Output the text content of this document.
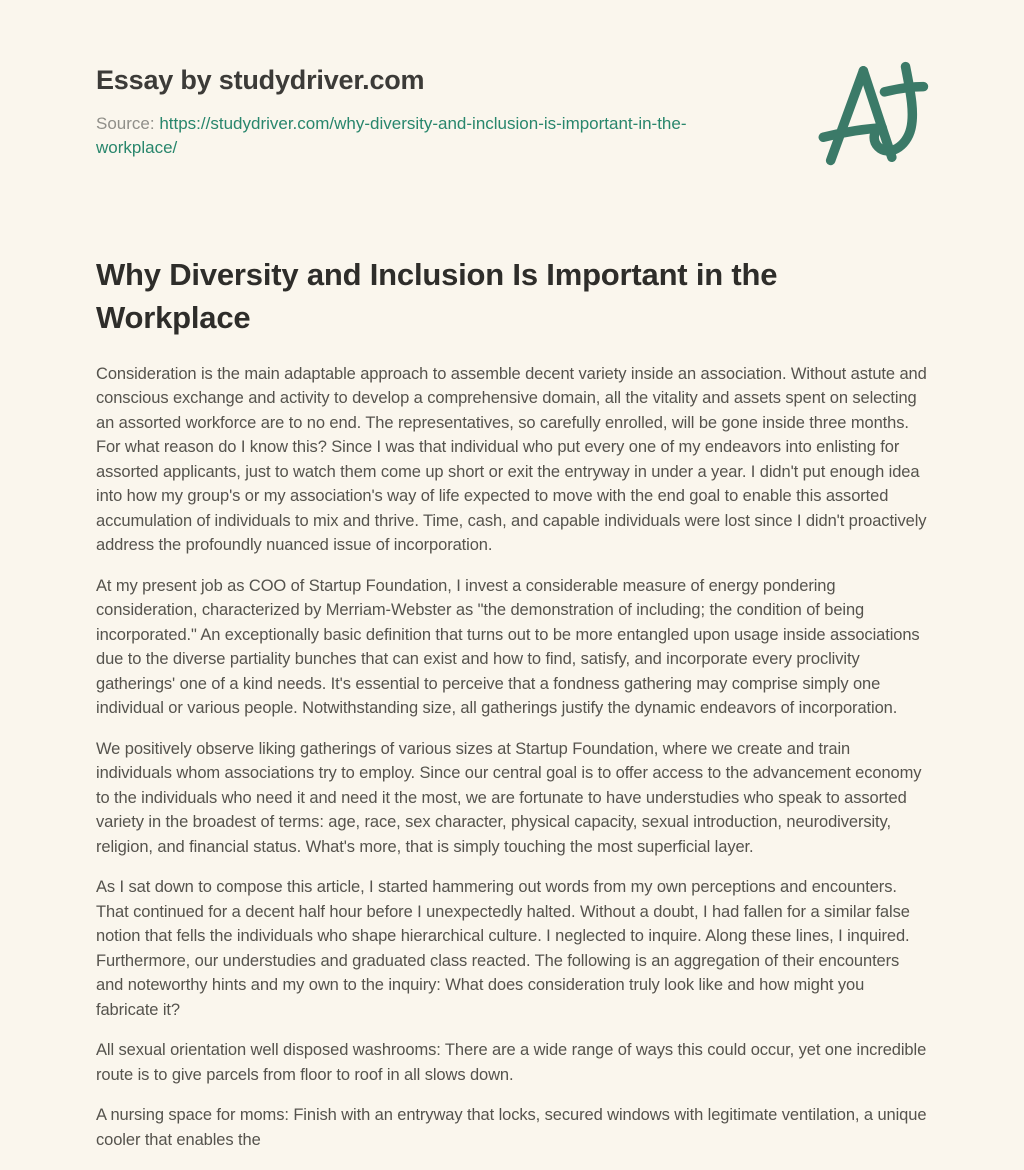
Essay by studydriver.com
Source: https://studydriver.com/why-diversity-and-inclusion-is-important-in-the-workplace/
Why Diversity and Inclusion Is Important in the Workplace

Consideration is the main adaptable approach to assemble decent variety inside an association. Without astute and conscious exchange and activity to develop a comprehensive domain, all the vitality and assets spent on selecting an assorted workforce are to no end. The representatives, so carefully enrolled, will be gone inside three months. For what reason do I know this? Since I was that individual who put every one of my endeavors into enlisting for assorted applicants, just to watch them come up short or exit the entryway in under a year. I didn't put enough idea into how my group's or my association's way of life expected to move with the end goal to enable this assorted accumulation of individuals to mix and thrive. Time, cash, and capable individuals were lost since I didn't proactively address the profoundly nuanced issue of incorporation.

At my present job as COO of Startup Foundation, I invest a considerable measure of energy pondering consideration, characterized by Merriam-Webster as "the demonstration of including; the condition of being incorporated." An exceptionally basic definition that turns out to be more entangled upon usage inside associations due to the diverse partiality bunches that can exist and how to find, satisfy, and incorporate every proclivity gatherings' one of a kind needs. It's essential to perceive that a fondness gathering may comprise simply one individual or various people. Notwithstanding size, all gatherings justify the dynamic endeavors of incorporation.

We positively observe liking gatherings of various sizes at Startup Foundation, where we create and train individuals whom associations try to employ. Since our central goal is to offer access to the advancement economy to the individuals who need it and need it the most, we are fortunate to have understudies who speak to assorted variety in the broadest of terms: age, race, sex character, physical capacity, sexual introduction, neurodiversity, religion, and financial status. What's more, that is simply touching the most superficial layer.

As I sat down to compose this article, I started hammering out words from my own perceptions and encounters. That continued for a decent half hour before I unexpectedly halted. Without a doubt, I had fallen for a similar false notion that fells the individuals who shape hierarchical culture. I neglected to inquire. Along these lines, I inquired. Furthermore, our understudies and graduated class reacted. The following is an aggregation of their encounters and noteworthy hints and my own to the inquiry: What does consideration truly look like and how might you fabricate it?

All sexual orientation well disposed washrooms: There are a wide range of ways this could occur, yet one incredible route is to give parcels from floor to roof in all slows down.

A nursing space for moms: Finish with an entryway that locks, secured windows with legitimate ventilation, a unique cooler that enables the
